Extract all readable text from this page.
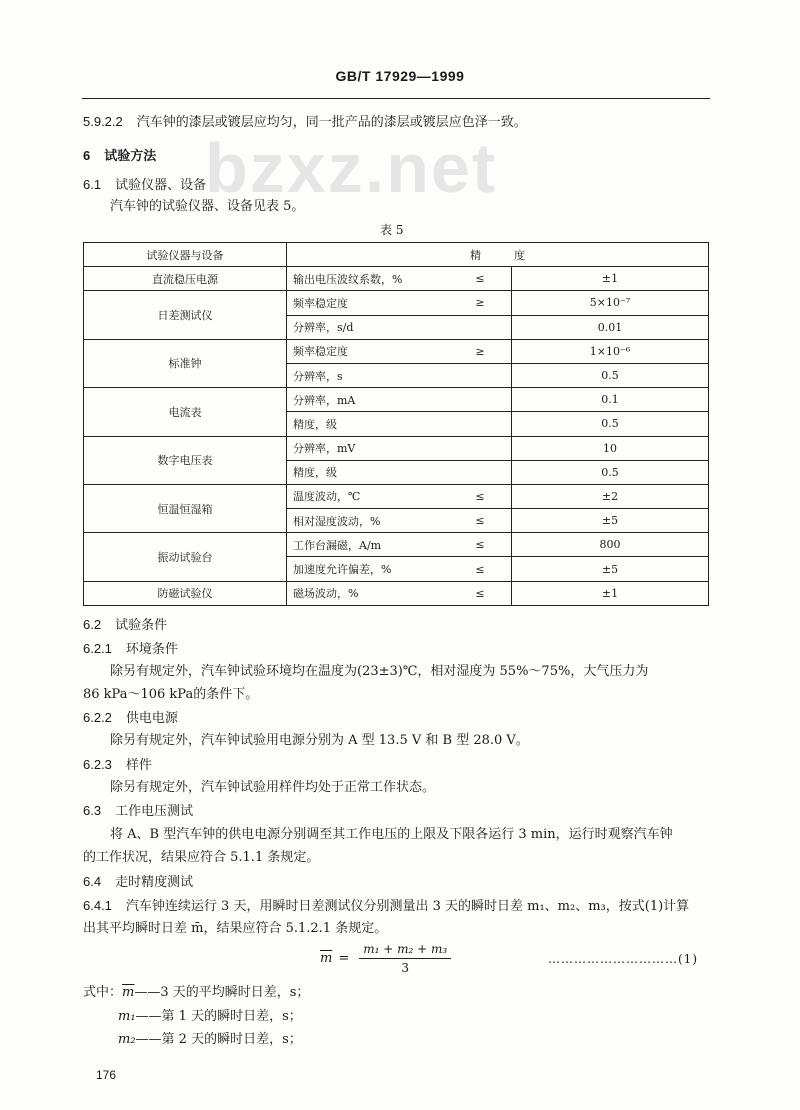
bzxz.net
GB/T 17929—1999
5.9.2.2 汽车钟的漆层或镀层应均匀，同一批产品的漆层或镀层应色泽一致。
6 试验方法
6.1 试验仪器、设备
汽车钟的试验仪器、设备见表 5。
表 5
试验仪器与设备	精　　　度		
直流稳压电源	输出电压波纹系数，%	≤	±1
日差测试仪	频率稳定度	≥	5×10⁻⁷
	分辨率，s/d		0.01
标准钟	频率稳定度	≥	1×10⁻⁶
	分辨率，s		0.5
电流表	分辨率，mA		0.1
	精度，级		0.5
数字电压表	分辨率，mV		10
	精度，级		0.5
恒温恒湿箱	温度波动，℃	≤	±2
	相对湿度波动，%	≤	±5
振动试验台	工作台漏磁，A/m	≤	800
	加速度允许偏差，%	≤	±5
防磁试验仪	磁场波动，%	≤	±1
6.2 试验条件
6.2.1 环境条件
除另有规定外，汽车钟试验环境均在温度为(23±3)℃，相对湿度为 55%～75%，大气压力为
86 kPa～106 kPa的条件下。
6.2.2 供电电源
除另有规定外，汽车钟试验用电源分别为 A 型 13.5 V 和 B 型 28.0 V。
6.2.3 样件
除另有规定外，汽车钟试验用样件均处于正常工作状态。
6.3 工作电压测试
将 A、B 型汽车钟的供电电源分别调至其工作电压的上限及下限各运行 3 min，运行时观察汽车钟
的工作状况，结果应符合 5.1.1 条规定。
6.4 走时精度测试
6.4.1 汽车钟连续运行 3 天，用瞬时日差测试仪分别测量出 3 天的瞬时日差 m₁、m₂、m₃，按式(1)计算
出其平均瞬时日差 m̄，结果应符合 5.1.2.1 条规定。
$\overline{m} = \frac{\text{m₁ + m₂ + m₃}}{3}$	…………………………(1)
式中：$\overline{m}——3$ 天的平均瞬时日差，s；
m₁——第 1 天的瞬时日差，s；
m₂——第 2 天的瞬时日差，s；
176
